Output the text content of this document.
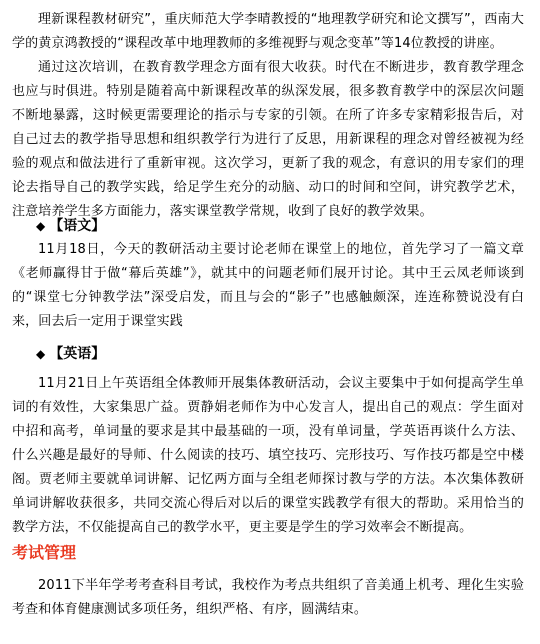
理新课程教材研究”，重庆师范大学李晴教授的“地理教学研究和论文撰写”，西南大学的黄京鸿教授的“课程改革中地理教师的多维视野与观念变革”等14位教授的讲座。

通过这次培训，在教育教学理念方面有很大收获。时代在不断进步，教育教学理念也应与时俱进。特别是随着高中新课程改革的纵深发展，很多教育教学中的深层次问题不断地暴露，这时候更需要理论的指示与专家的引领。在所了许多专家精彩报告后，对自己过去的教学指导思想和组织教学行为进行了反思，用新课程的理念对曾经被视为经验的观点和做法进行了重新审视。这次学习，更新了我的观念，有意识的用专家们的理论去指导自己的教学实践，给足学生充分的动脑、动口的时间和空间，讲究教学艺术，注意培养学生多方面能力，落实课堂教学常规，收到了良好的教学效果。

◆ 【语文】

11月18日，今天的教研活动主要讨论老师在课堂上的地位，首先学习了一篇文章《老师赢得甘于做“幕后英雄”》，就其中的问题老师们展开讨论。其中王云凤老师谈到的“课堂七分钟教学法”深受启发，而且与会的“影子”也感触颇深，连连称赞说没有白来，回去后一定用于课堂实践

◆ 【英语】

11月21日上午英语组全体教师开展集体教研活动，会议主要集中于如何提高学生单词的有效性，大家集思广益。贾静娟老师作为中心发言人，提出自己的观点：学生面对中招和高考，单词量的要求是其中最基础的一项，没有单词量，学英语再谈什么方法、什么兴趣是最好的导师、什么阅读的技巧、填空技巧、完形技巧、写作技巧都是空中楼阁。贾老师主要就单词讲解、记忆两方面与全组老师探讨教与学的方法。本次集体教研单词讲解收获很多，共同交流心得后对以后的课堂实践教学有很大的帮助。采用恰当的教学方法，不仅能提高自己的教学水平，更主要是学生的学习效率会不断提高。

考试管理

2011下半年学考考查科目考试，我校作为考点共组织了音美通上机考、理化生实验考查和体育健康测试多项任务，组织严格、有序，圆满结束。
